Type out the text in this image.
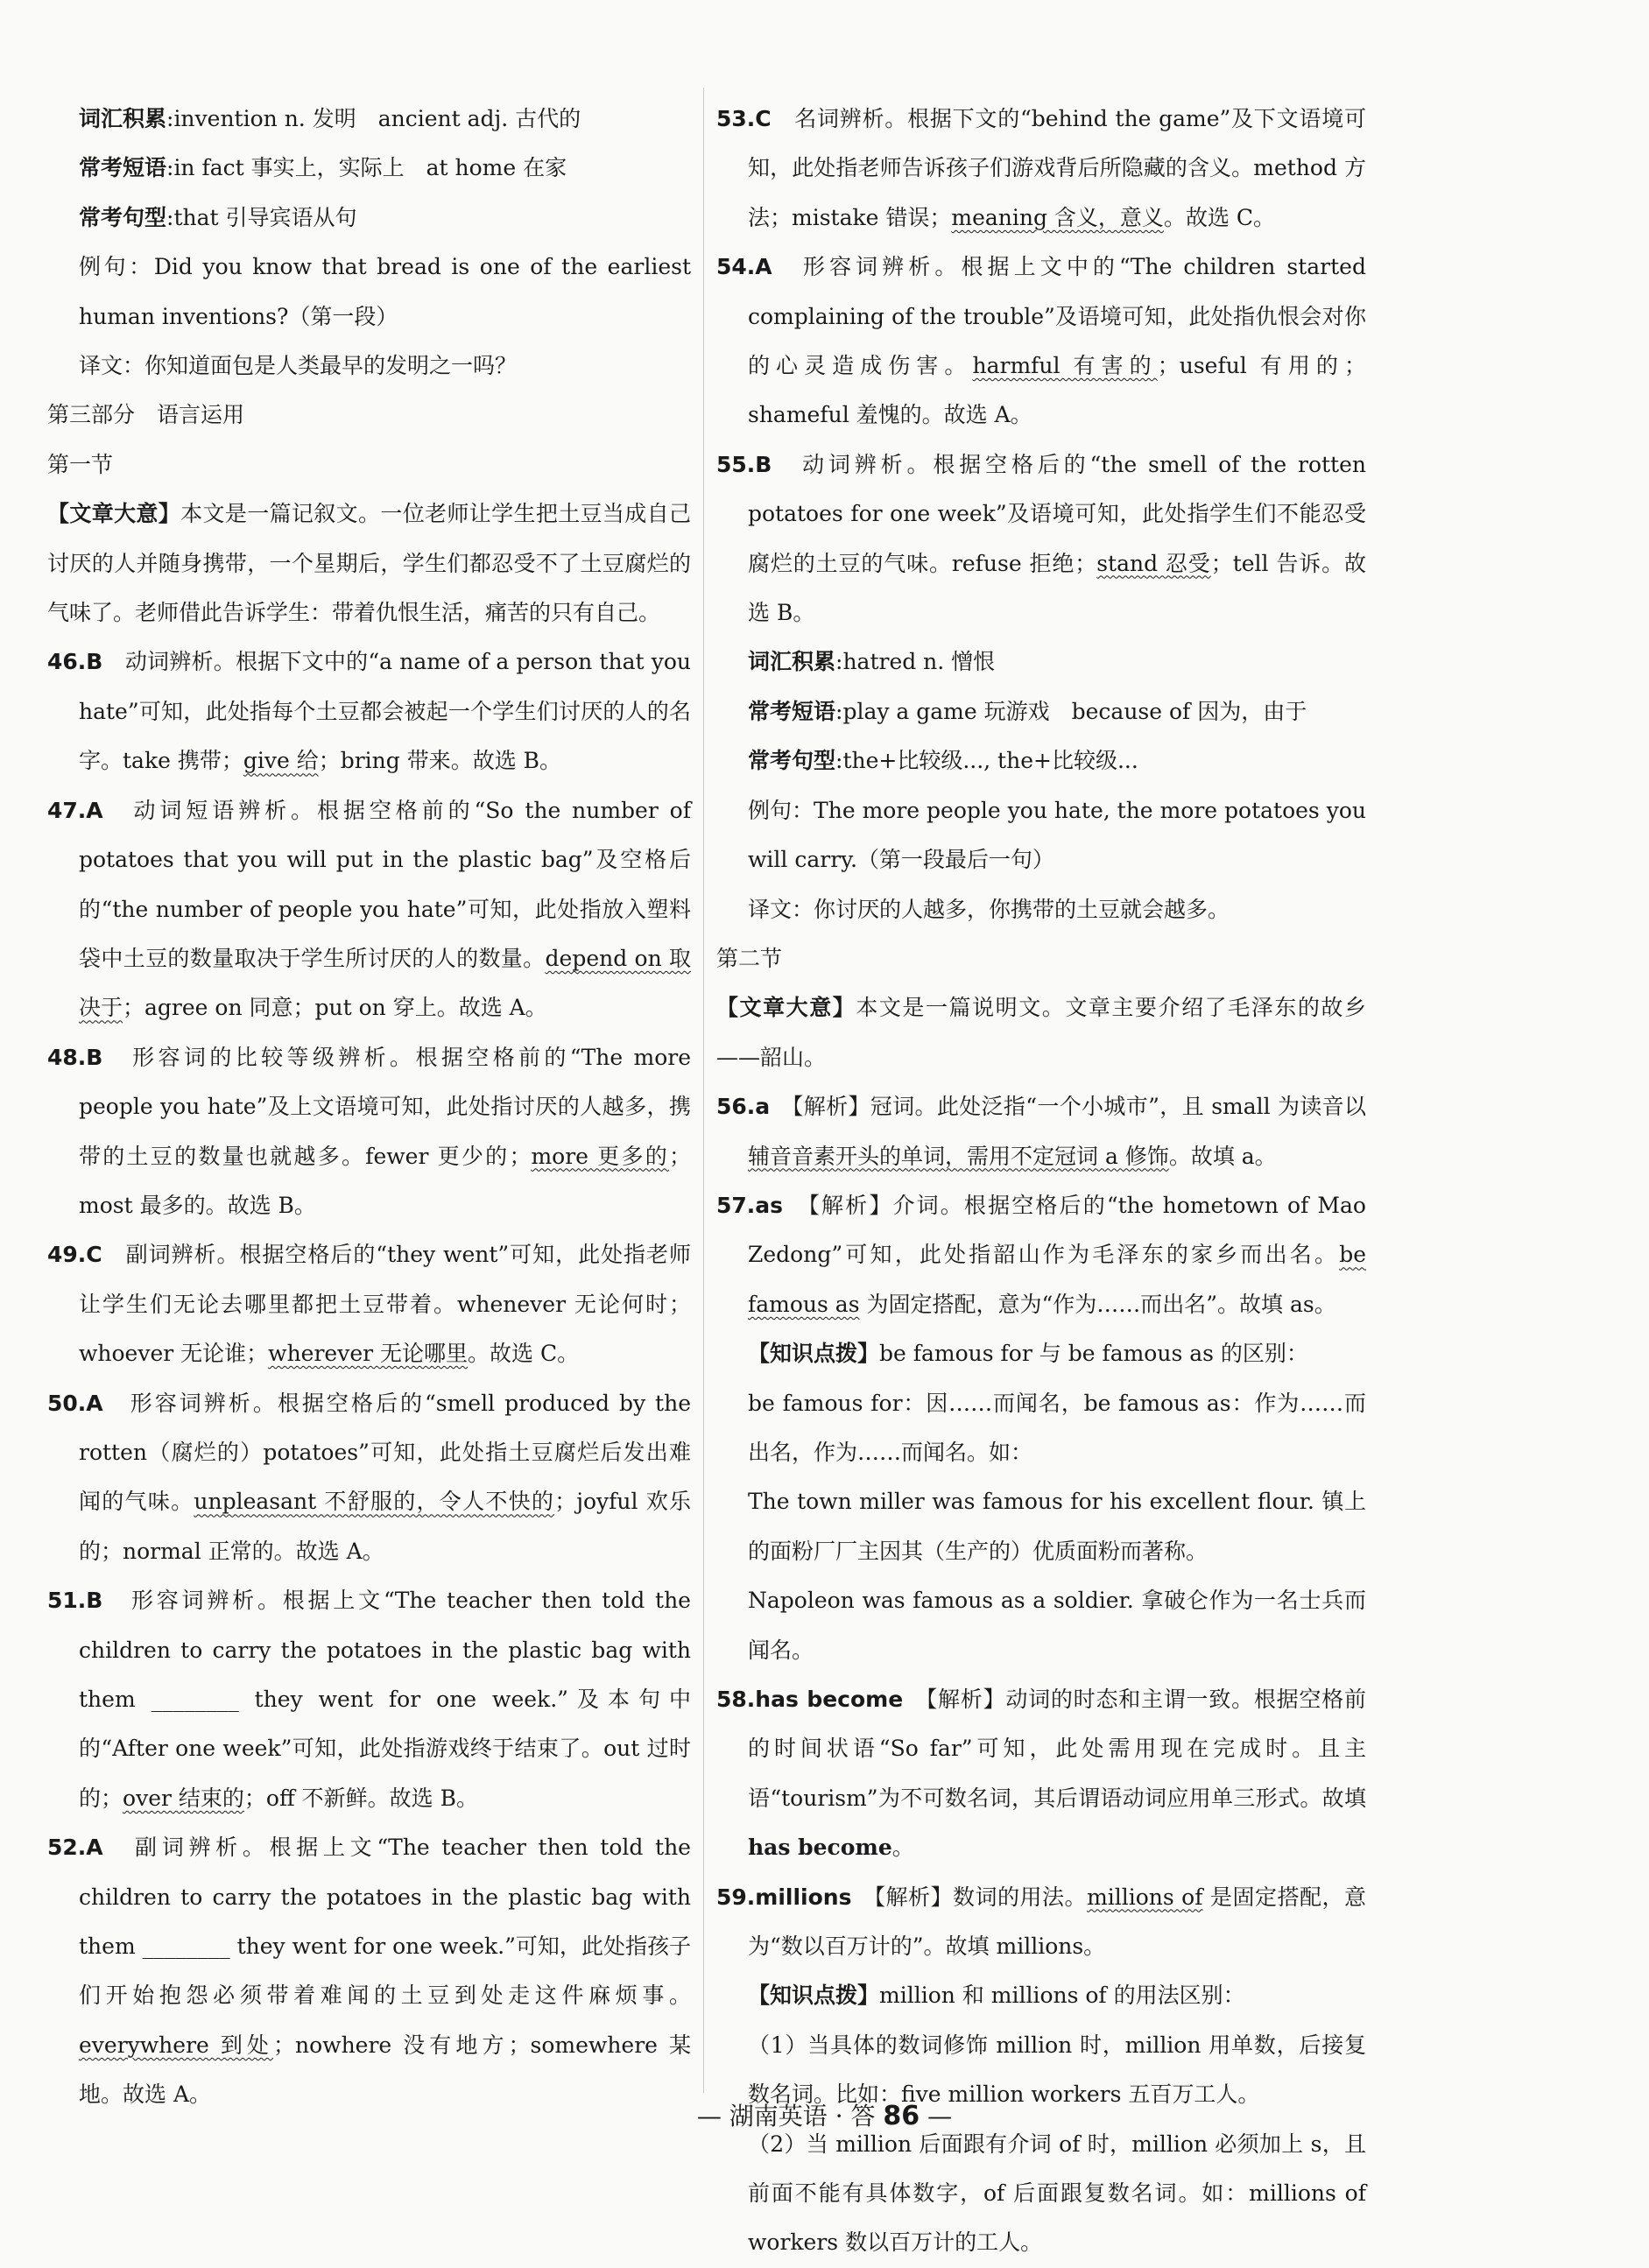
词汇积累:invention n. 发明　ancient adj. 古代的

常考短语:in fact 事实上，实际上　at home 在家

常考句型:that 引导宾语从句

例句：Did you know that bread is one of the earliest human inventions?（第一段）

译文：你知道面包是人类最早的发明之一吗？

第三部分　语言运用

第一节

【文章大意】本文是一篇记叙文。一位老师让学生把土豆当成自己讨厌的人并随身携带，一个星期后，学生们都忍受不了土豆腐烂的气味了。老师借此告诉学生：带着仇恨生活，痛苦的只有自己。

46.B　 动词辨析。根据下文中的“a name of a person that you hate”可知，此处指每个土豆都会被起一个学生们讨厌的人的名字。take 携带；give 给；bring 带来。故选 B。

47.A　 动词短语辨析。根据空格前的“So the number of potatoes that you will put in the plastic bag”及空格后的“the number of people you hate”可知，此处指放入塑料袋中土豆的数量取决于学生所讨厌的人的数量。depend on 取决于；agree on 同意；put on 穿上。故选 A。

48.B　 形容词的比较等级辨析。根据空格前的“The more people you hate”及上文语境可知，此处指讨厌的人越多，携带的土豆的数量也就越多。fewer 更少的；more 更多的；most 最多的。故选 B。

49.C　 副词辨析。根据空格后的“they went”可知，此处指老师让学生们无论去哪里都把土豆带着。whenever 无论何时；whoever 无论谁；wherever 无论哪里。故选 C。

50.A　 形容词辨析。根据空格后的“smell produced by the rotten（腐烂的）potatoes”可知，此处指土豆腐烂后发出难闻的气味。unpleasant 不舒服的，令人不快的；joyful 欢乐的；normal 正常的。故选 A。

51.B　 形容词辨析。根据上文“The teacher then told the children to carry the potatoes in the plastic bag with them ________ they went for one week.”及本句中的“After one week”可知，此处指游戏终于结束了。out 过时的；over 结束的；off 不新鲜。故选 B。

52.A　 副词辨析。根据上文“The teacher then told the children to carry the potatoes in the plastic bag with them ________ they went for one week.”可知，此处指孩子们开始抱怨必须带着难闻的土豆到处走这件麻烦事。everywhere 到处；nowhere 没有地方；somewhere 某地。故选 A。

53.C　 名词辨析。根据下文的“behind the game”及下文语境可知，此处指老师告诉孩子们游戏背后所隐藏的含义。method 方法；mistake 错误；meaning 含义，意义。故选 C。

54.A　 形容词辨析。根据上文中的“The children started complaining of the trouble”及语境可知，此处指仇恨会对你的心灵造成伤害。harmful 有害的；useful 有用的；shameful 羞愧的。故选 A。

55.B　 动词辨析。根据空格后的“the smell of the rotten potatoes for one week”及语境可知，此处指学生们不能忍受腐烂的土豆的气味。refuse 拒绝；stand 忍受；tell 告诉。故选 B。

词汇积累:hatred n. 憎恨

常考短语:play a game 玩游戏　because of 因为，由于

常考句型:the+比较级..., the+比较级...

例句：The more people you hate, the more potatoes you will carry.（第一段最后一句）

译文：你讨厌的人越多，你携带的土豆就会越多。

第二节

【文章大意】本文是一篇说明文。文章主要介绍了毛泽东的故乡——韶山。

56.a　 【解析】冠词。此处泛指“一个小城市”，且 small 为读音以辅音音素开头的单词，需用不定冠词 a 修饰。故填 a。

57.as　 【解析】介词。根据空格后的“the hometown of Mao Zedong”可知，此处指韶山作为毛泽东的家乡而出名。be famous as 为固定搭配，意为“作为……而出名”。故填 as。

【知识点拨】be famous for 与 be famous as 的区别：

be famous for：因……而闻名，be famous as：作为……而出名，作为……而闻名。如：

The town miller was famous for his excellent flour. 镇上的面粉厂厂主因其（生产的）优质面粉而著称。

Napoleon was famous as a soldier. 拿破仑作为一名士兵而闻名。

58.has become　 【解析】动词的时态和主谓一致。根据空格前的时间状语“So far”可知，此处需用现在完成时。且主语“tourism”为不可数名词，其后谓语动词应用单三形式。故填has become。

59.millions　 【解析】数词的用法。millions of 是固定搭配，意为“数以百万计的”。故填 millions。

【知识点拨】million 和 millions of 的用法区别：

（1）当具体的数词修饰 million 时，million 用单数，后接复数名词。比如：five million workers 五百万工人。

（2）当 million 后面跟有介词 of 时，million 必须加上 s，且前面不能有具体数字，of 后面跟复数名词。如：millions of workers 数以百万计的工人。

— 湖南英语 · 答 86 —
